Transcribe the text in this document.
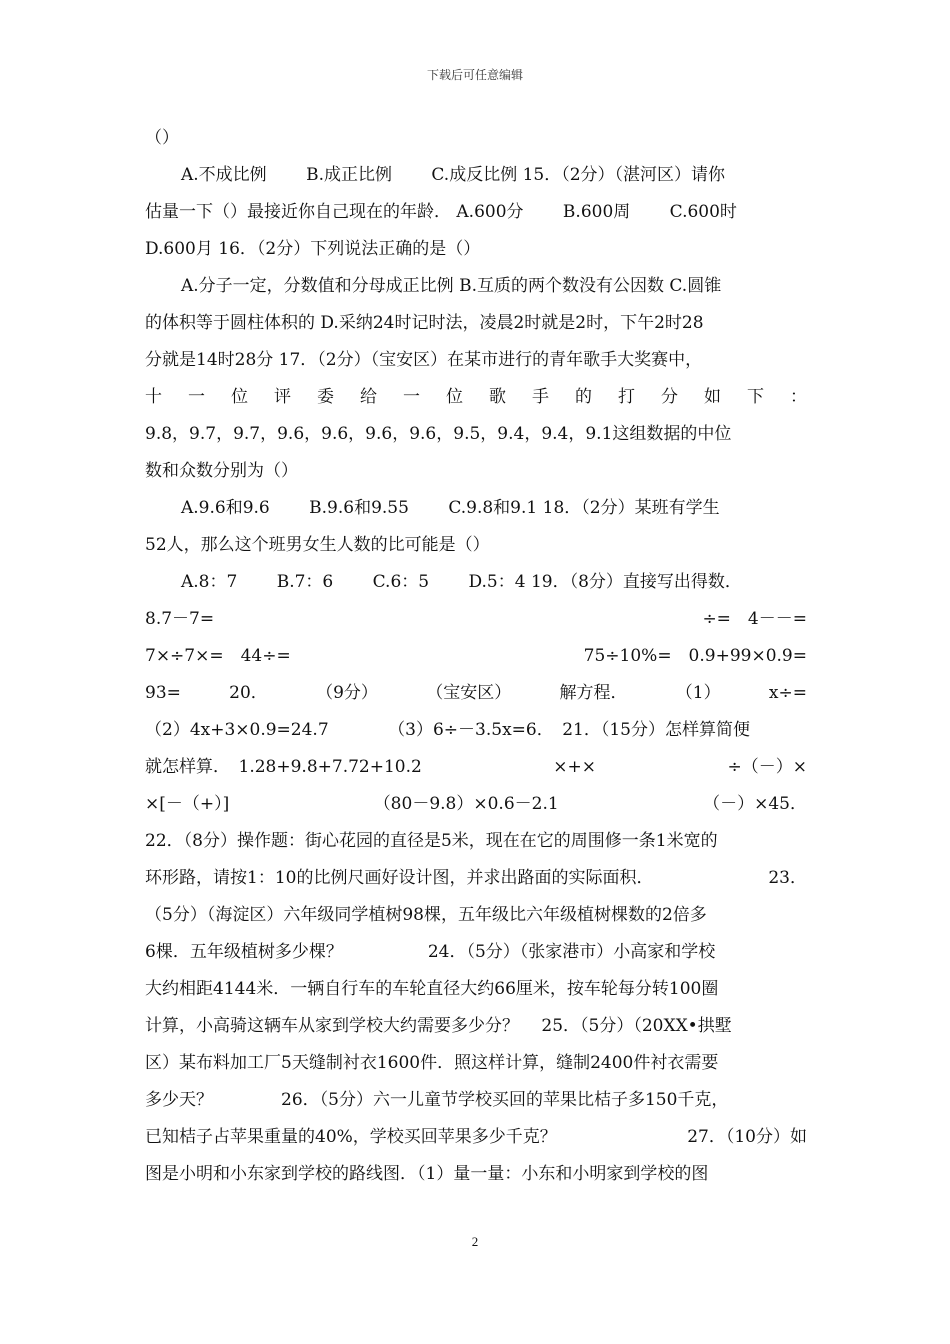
下载后可任意编辑
（）
A.不成比例　　 B.成正比例　　 C.成反比例 15．（2分）（湛河区）请你
估量一下（）最接近你自己现在的年龄． A.600分　　 B.600周　　 C.600时
D.600月 16．（2分）下列说法正确的是（）
A.分子一定，分数值和分母成正比例 B.互质的两个数没有公因数 C.圆锥
的体积等于圆柱体积的 D.采纳24时记时法，凌晨2时就是2时，下午2时28
分就是14时28分 17．（2分）（宝安区）在某市进行的青年歌手大奖赛中，
十 一 位 评 委 给 一 位 歌 手 的 打 分 如 下 ：
9.8，9.7，9.7，9.6，9.6，9.6，9.6，9.5，9.4，9.4，9.1这组数据的中位
数和众数分别为（）
A.9.6和9.6　　 B.9.6和9.55　　 C.9.8和9.1 18．（2分）某班有学生
52人，那么这个班男女生人数的比可能是（）
A.8：7　　 B.7：6　　 C.6：5　　 D.5：4 19．（8分）直接写出得数．
8.7－7=	÷=　4－－=
7×÷7×=　44÷=	75÷10%=　0.9+99×0.9=
93=	20．	（9分）	（宝安区）	解方程．	（1）	x÷=
（2）4x+3×0.9=24.7　　　　（3）6÷－3.5x=6．　21．（15分）怎样算简便
就怎样算．　1.28+9.8+7.72+10.2	×+×	÷（－）×
×[－（+）]	（80－9.8）×0.6－2.1	（－）×45．
22．（8分）操作题：街心花园的直径是5米，现在在它的周围修一条1米宽的
环形路，请按1：10的比例尺画好设计图，并求出路面的实际面积．	23．
（5分）（海淀区）六年级同学植树98棵，五年级比六年级植树棵数的2倍多
6棵．五年级植树多少棵？　　　　　24．（5分）（张家港市）小高家和学校
大约相距4144米．一辆自行车的车轮直径大约66厘米，按车轮每分转100圈
计算，小高骑这辆车从家到学校大约需要多少分？　 25．（5分）（20XX•拱墅
区）某布料加工厂5天缝制衬衣1600件．照这样计算，缝制2400件衬衣需要
多少天？　　　　26．（5分）六一儿童节学校买回的苹果比桔子多150千克，
已知桔子占苹果重量的40%，学校买回苹果多少千克？	27．（10分）如
图是小明和小东家到学校的路线图．（1）量一量：小东和小明家到学校的图
2
